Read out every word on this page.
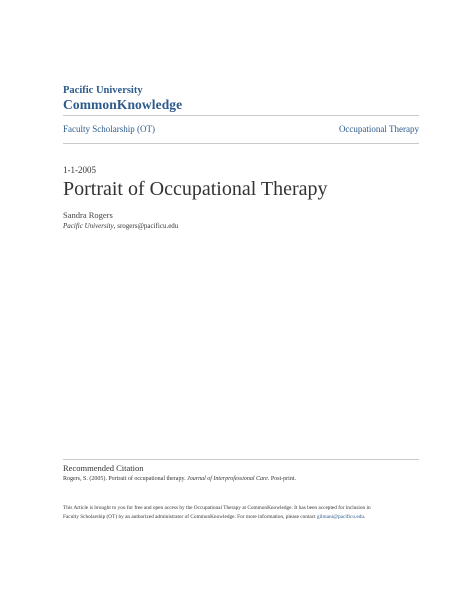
Pacific University
CommonKnowledge
Faculty Scholarship (OT)	Occupational Therapy
1-1-2005
Portrait of Occupational Therapy
Sandra Rogers
Pacific University, srogers@pacificu.edu
Recommended Citation
Rogers, S. (2005). Portrait of occupational therapy. Journal of Interprofessional Care. Post-print.
This Article is brought to you for free and open access by the Occupational Therapy at CommonKnowledge. It has been accepted for inclusion in
Faculty Scholarship (OT) by an authorized administrator of CommonKnowledge. For more information, please contact gilmani@pacificu.edu.
